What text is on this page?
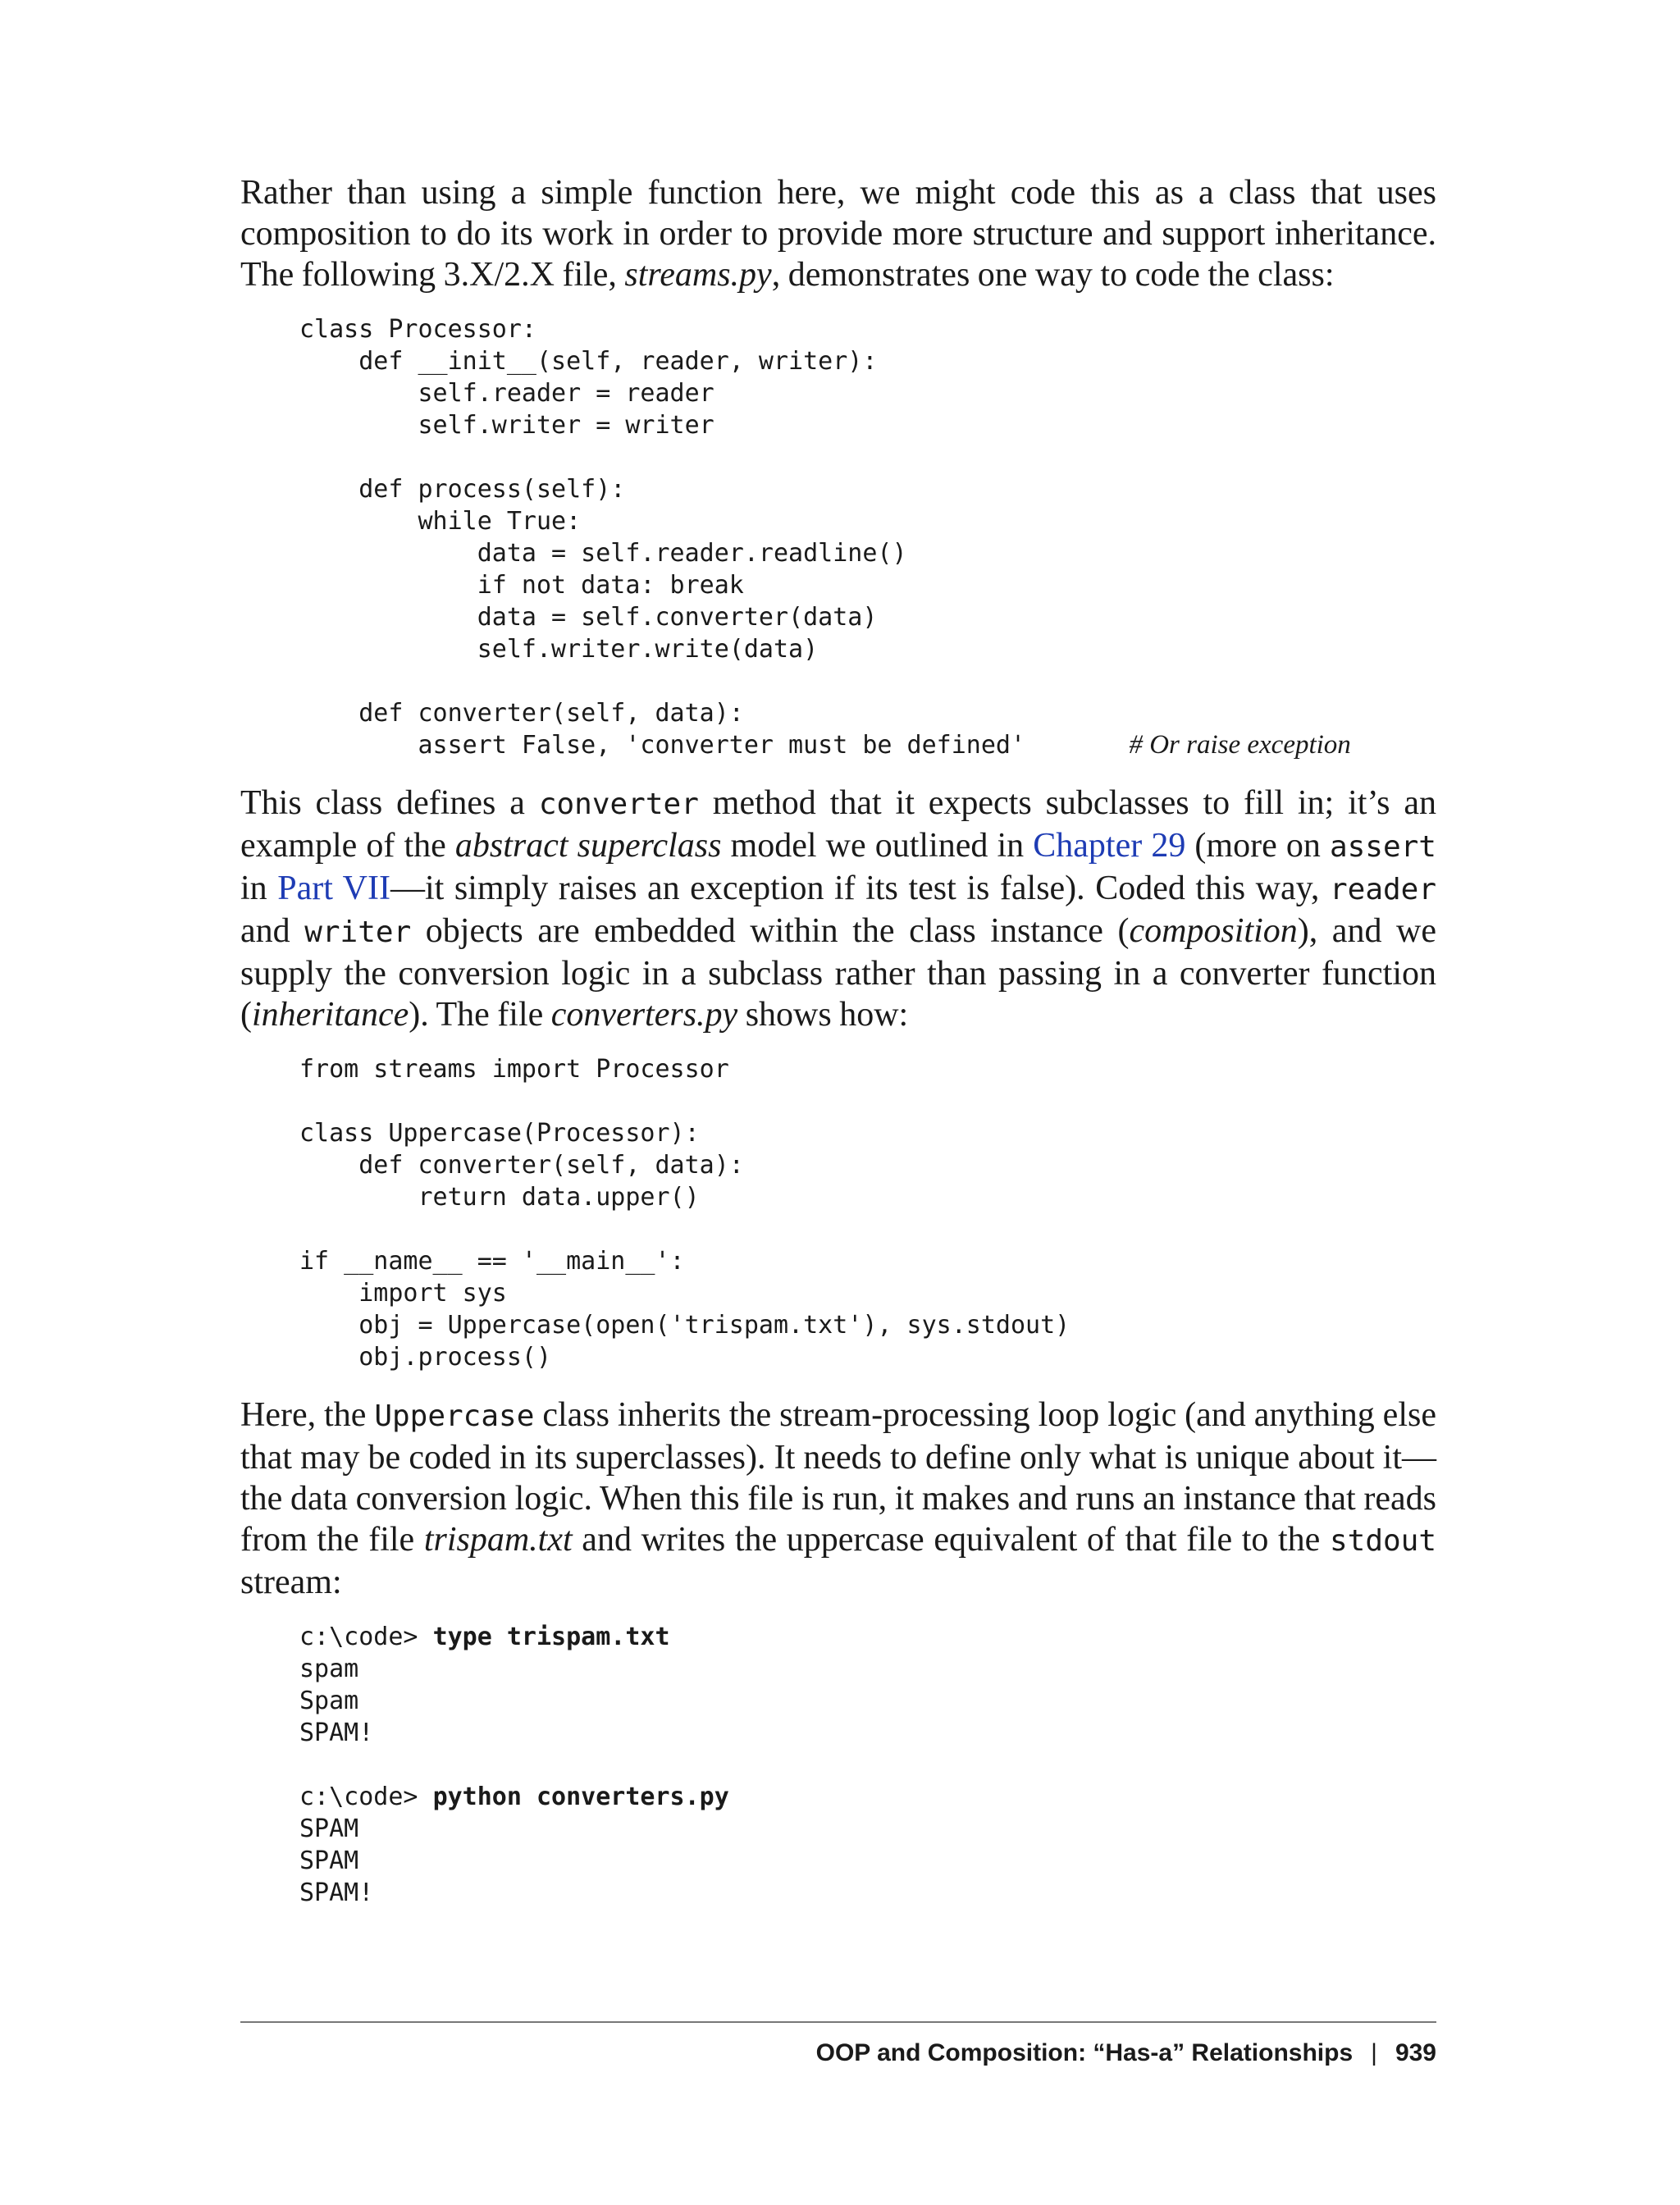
Rather than using a simple function here, we might code this as a class that uses composition to do its work in order to provide more structure and support inheritance. The following 3.X/2.X file, streams.py, demonstrates one way to code the class:

class Processor:
def __init__(self, reader, writer):
self.reader = reader
self.writer = writer

def process(self):
while True:
data = self.reader.readline()
if not data: break
data = self.converter(data)
self.writer.write(data)

def converter(self, data):
assert False, 'converter must be defined'	# Or raise exception

This class defines a converter method that it expects subclasses to fill in; it’s an example of the abstract superclass model we outlined in Chapter 29 (more on assert in Part VII—it simply raises an exception if its test is false). Coded this way, reader and writer objects are embedded within the class instance (composition), and we supply the conversion logic in a subclass rather than passing in a converter function (inheritance). The file converters.py shows how:

from streams import Processor

class Uppercase(Processor):
def converter(self, data):
return data.upper()

if __name__ == '__main__':
import sys
obj = Uppercase(open('trispam.txt'), sys.stdout)
obj.process()

Here, the Uppercase class inherits the stream-processing loop logic (and anything else that may be coded in its superclasses). It needs to define only what is unique about it—the data conversion logic. When this file is run, it makes and runs an instance that reads from the file trispam.txt and writes the uppercase equivalent of that file to the stdout stream:

c:\code> type trispam.txt
spam
Spam
SPAM!

c:\code> python converters.py
SPAM
SPAM
SPAM!
OOP and Composition: “Has-a” Relationships | 939
